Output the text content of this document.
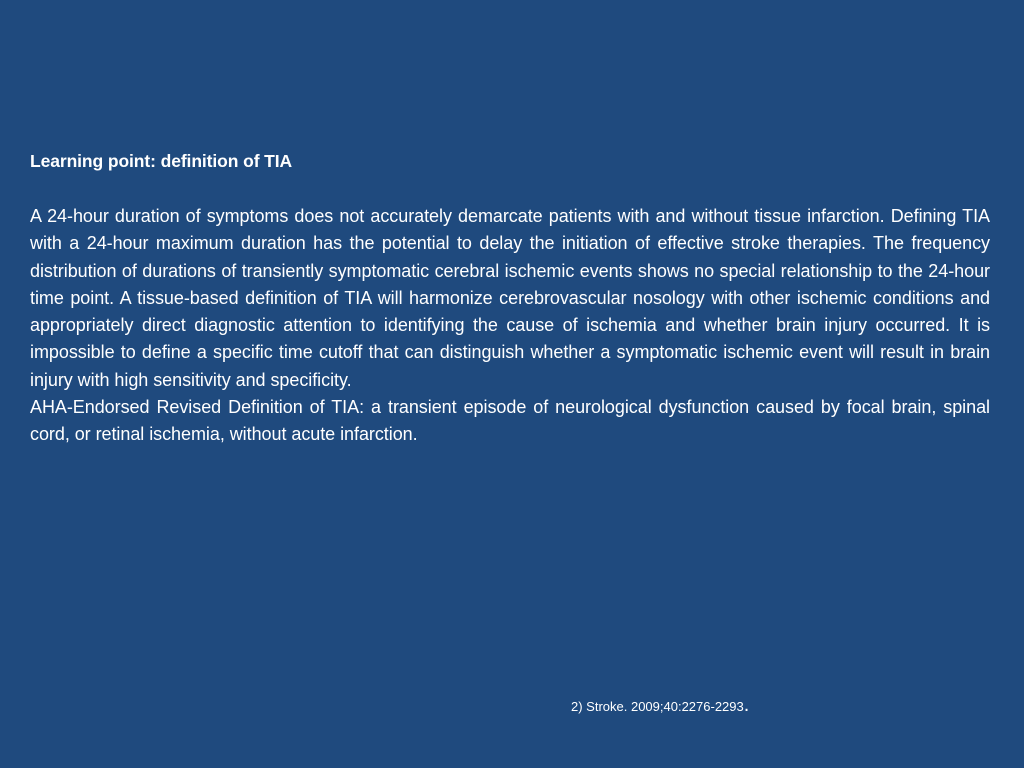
Learning point: definition of TIA

A 24-hour duration of symptoms does not accurately demarcate patients with and without tissue infarction. Defining TIA with a 24-hour maximum duration has the potential to delay the initiation of effective stroke therapies. The frequency distribution of durations of transiently symptomatic cerebral ischemic events shows no special relationship to the 24-hour time point. A tissue-based definition of TIA will harmonize cerebrovascular nosology with other ischemic conditions and appropriately direct diagnostic attention to identifying the cause of ischemia and whether brain injury occurred. It is impossible to define a specific time cutoff that can distinguish whether a symptomatic ischemic event will result in brain injury with high sensitivity and specificity.

AHA-Endorsed Revised Definition of TIA: a transient episode of neurological dysfunction caused by focal brain, spinal cord, or retinal ischemia, without acute infarction.

2) Stroke. 2009;40:2276-2293.
